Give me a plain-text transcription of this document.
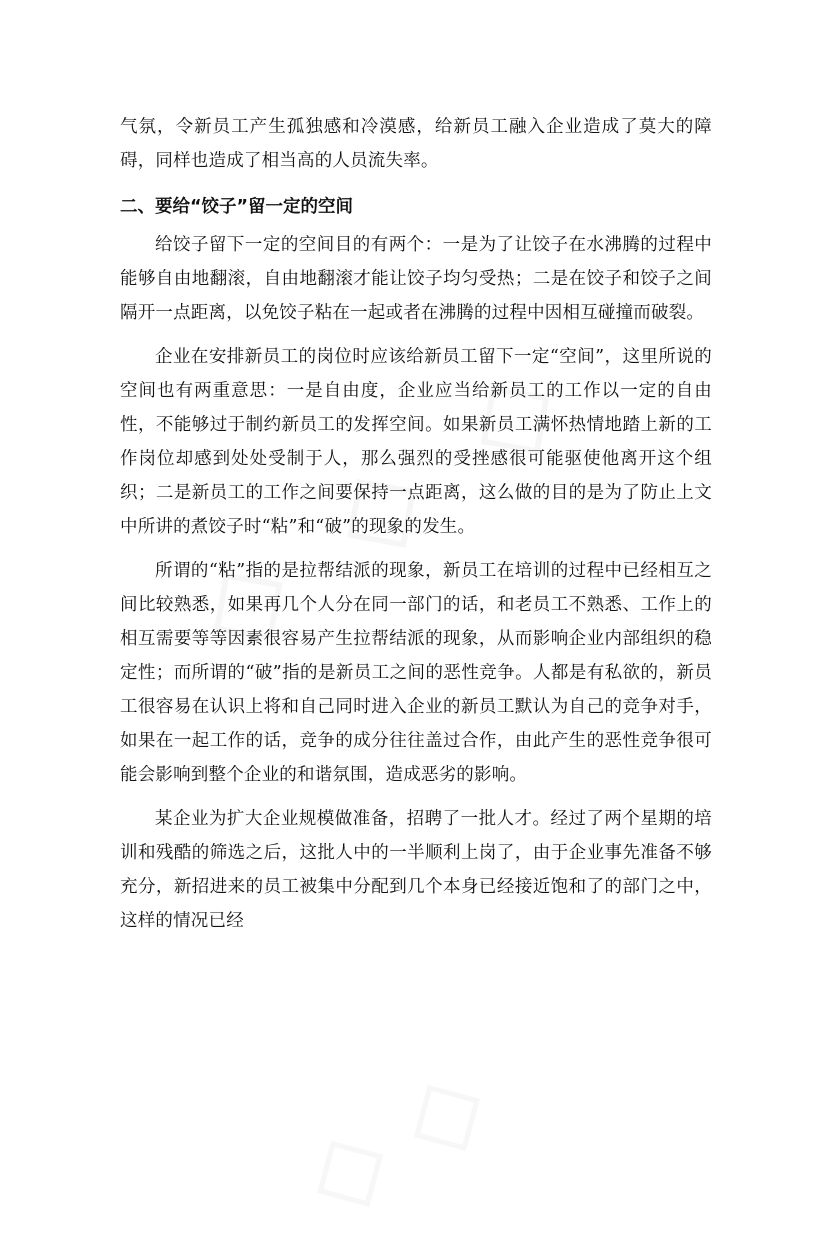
气氛，令新员工产生孤独感和冷漠感，给新员工融入企业造成了莫大的障碍，同样也造成了相当高的人员流失率。

二、要给“饺子”留一定的空间

给饺子留下一定的空间目的有两个：一是为了让饺子在水沸腾的过程中能够自由地翻滚，自由地翻滚才能让饺子均匀受热；二是在饺子和饺子之间隔开一点距离，以免饺子粘在一起或者在沸腾的过程中因相互碰撞而破裂。

企业在安排新员工的岗位时应该给新员工留下一定“空间”，这里所说的空间也有两重意思：一是自由度，企业应当给新员工的工作以一定的自由性，不能够过于制约新员工的发挥空间。如果新员工满怀热情地踏上新的工作岗位却感到处处受制于人，那么强烈的受挫感很可能驱使他离开这个组织；二是新员工的工作之间要保持一点距离，这么做的目的是为了防止上文中所讲的煮饺子时“粘”和“破”的现象的发生。

所谓的“粘”指的是拉帮结派的现象，新员工在培训的过程中已经相互之间比较熟悉，如果再几个人分在同一部门的话，和老员工不熟悉、工作上的相互需要等等因素很容易产生拉帮结派的现象，从而影响企业内部组织的稳定性；而所谓的“破”指的是新员工之间的恶性竞争。人都是有私欲的，新员工很容易在认识上将和自己同时进入企业的新员工默认为自己的竞争对手，如果在一起工作的话，竞争的成分往往盖过合作，由此产生的恶性竞争很可能会影响到整个企业的和谐氛围，造成恶劣的影响。

某企业为扩大企业规模做准备，招聘了一批人才。经过了两个星期的培训和残酷的筛选之后，这批人中的一半顺利上岗了，由于企业事先准备不够充分，新招进来的员工被集中分配到几个本身已经接近饱和了的部门之中，这样的情况已经
